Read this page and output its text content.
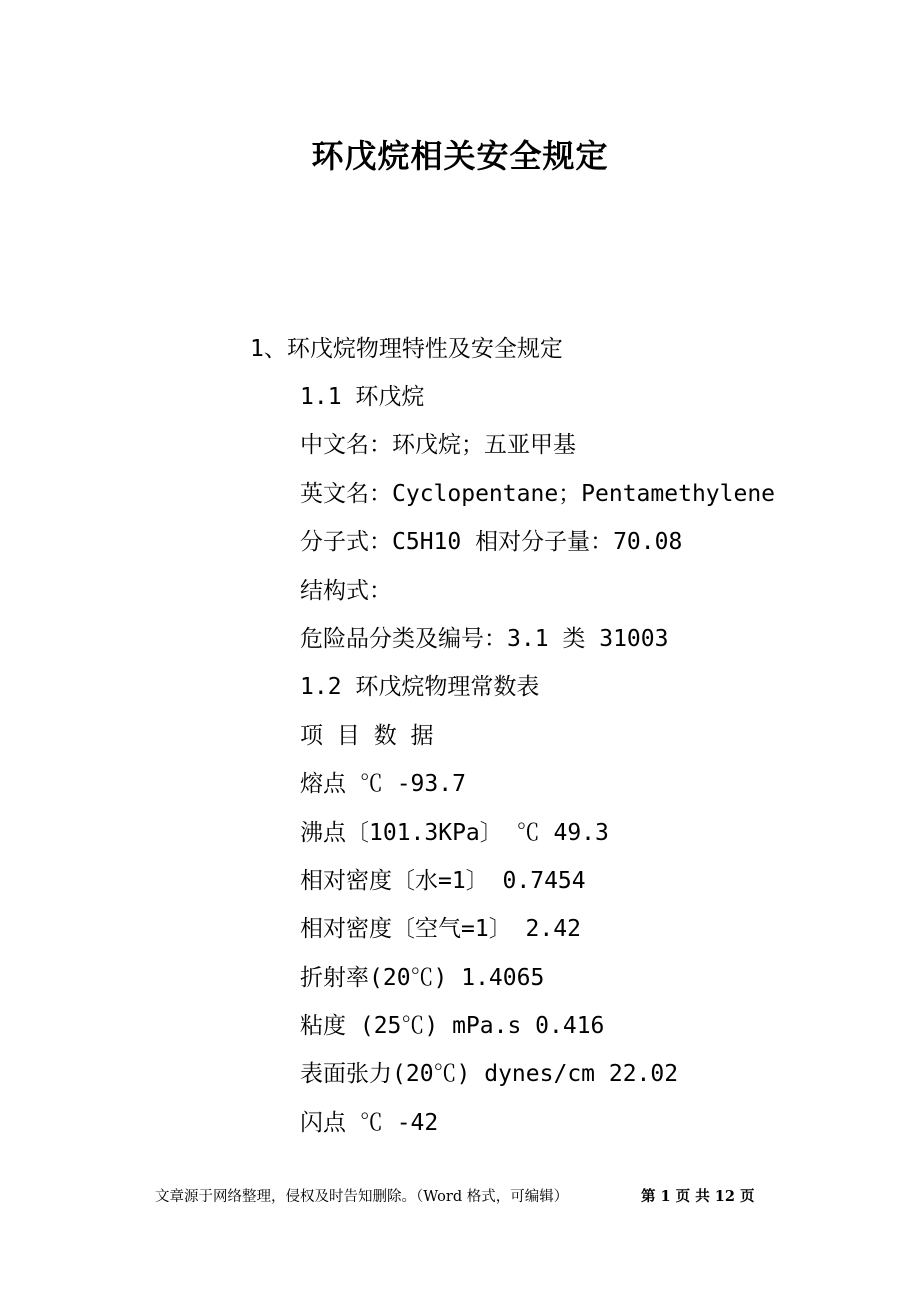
环戊烷相关安全规定
1、环戊烷物理特性及安全规定
1.1 环戊烷
中文名：环戊烷；五亚甲基
英文名：Cyclopentane；Pentamethylene
分子式：C5H10 相对分子量：70.08
结构式：
危险品分类及编号：3.1 类 31003
1.2 环戊烷物理常数表
项 目 数 据
熔点 ℃ -93.7
沸点〔101.3KPa〕 ℃ 49.3
相对密度〔水=1〕 0.7454
相对密度〔空气=1〕 2.42
折射率(20℃) 1.4065
粘度 (25℃) mPa.s 0.416
表面张力(20℃) dynes/cm 22.02
闪点 ℃ -42
文章源于网络整理，侵权及时告知删除。（Word 格式，可编辑）	第 1 页 共 12 页
